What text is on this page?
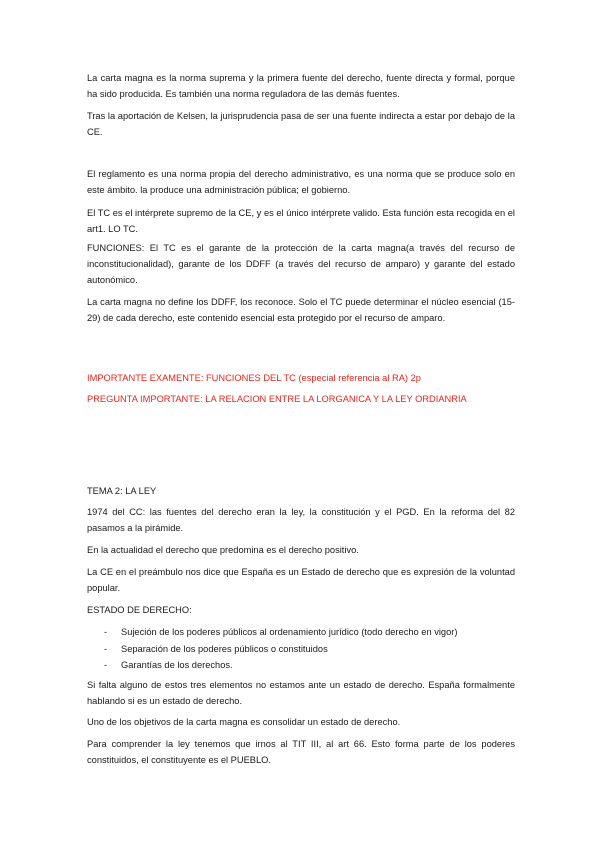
La carta magna es la norma suprema y la primera fuente del derecho, fuente directa y formal, porque ha sido producida. Es también una norma reguladora de las demás fuentes.

Tras la aportación de Kelsen, la jurisprudencia pasa de ser una fuente indirecta a estar por debajo de la CE.

El reglamento es una norma propia del derecho administrativo, es una norma que se produce solo en este ámbito. la produce una administración pública; el gobierno.

El TC es el intérprete supremo de la CE, y es el único intérprete valido. Esta función esta recogida en el art1. LO TC.

FUNCIONES: El TC es el garante de la protección de la carta magna(a través del recurso de inconstitucionalidad), garante de los DDFF (a través del recurso de amparo) y garante del estado autonómico.

La carta magna no define los DDFF, los reconoce. Solo el TC puede determinar el núcleo esencial (15-29) de cada derecho, este contenido esencial esta protegido por el recurso de amparo.

IMPORTANTE EXAMENTE: FUNCIONES DEL TC (especial referencia al RA) 2p

PREGUNTA IMPORTANTE: LA RELACION ENTRE LA LORGANICA Y LA LEY ORDIANRIA

TEMA 2: LA LEY

1974 del CC: las fuentes del derecho eran la ley, la constitución y el PGD. En la reforma del 82 pasamos a la pirámide.

En la actualidad el derecho que predomina es el derecho positivo.

La CE en el preámbulo nos dice que España es un Estado de derecho que es expresión de la voluntad popular.

ESTADO DE DERECHO:

- Sujeción de los poderes públicos al ordenamiento jurídico (todo derecho en vigor)
- Separación de los poderes públicos o constituidos
- Garantías de los derechos.

Si falta alguno de estos tres elementos no estamos ante un estado de derecho. España formalmente hablando si es un estado de derecho.

Uno de los objetivos de la carta magna es consolidar un estado de derecho.

Para comprender la ley tenemos que irnos al TIT III, al art 66. Esto forma parte de los poderes constituidos, el constituyente es el PUEBLO.
